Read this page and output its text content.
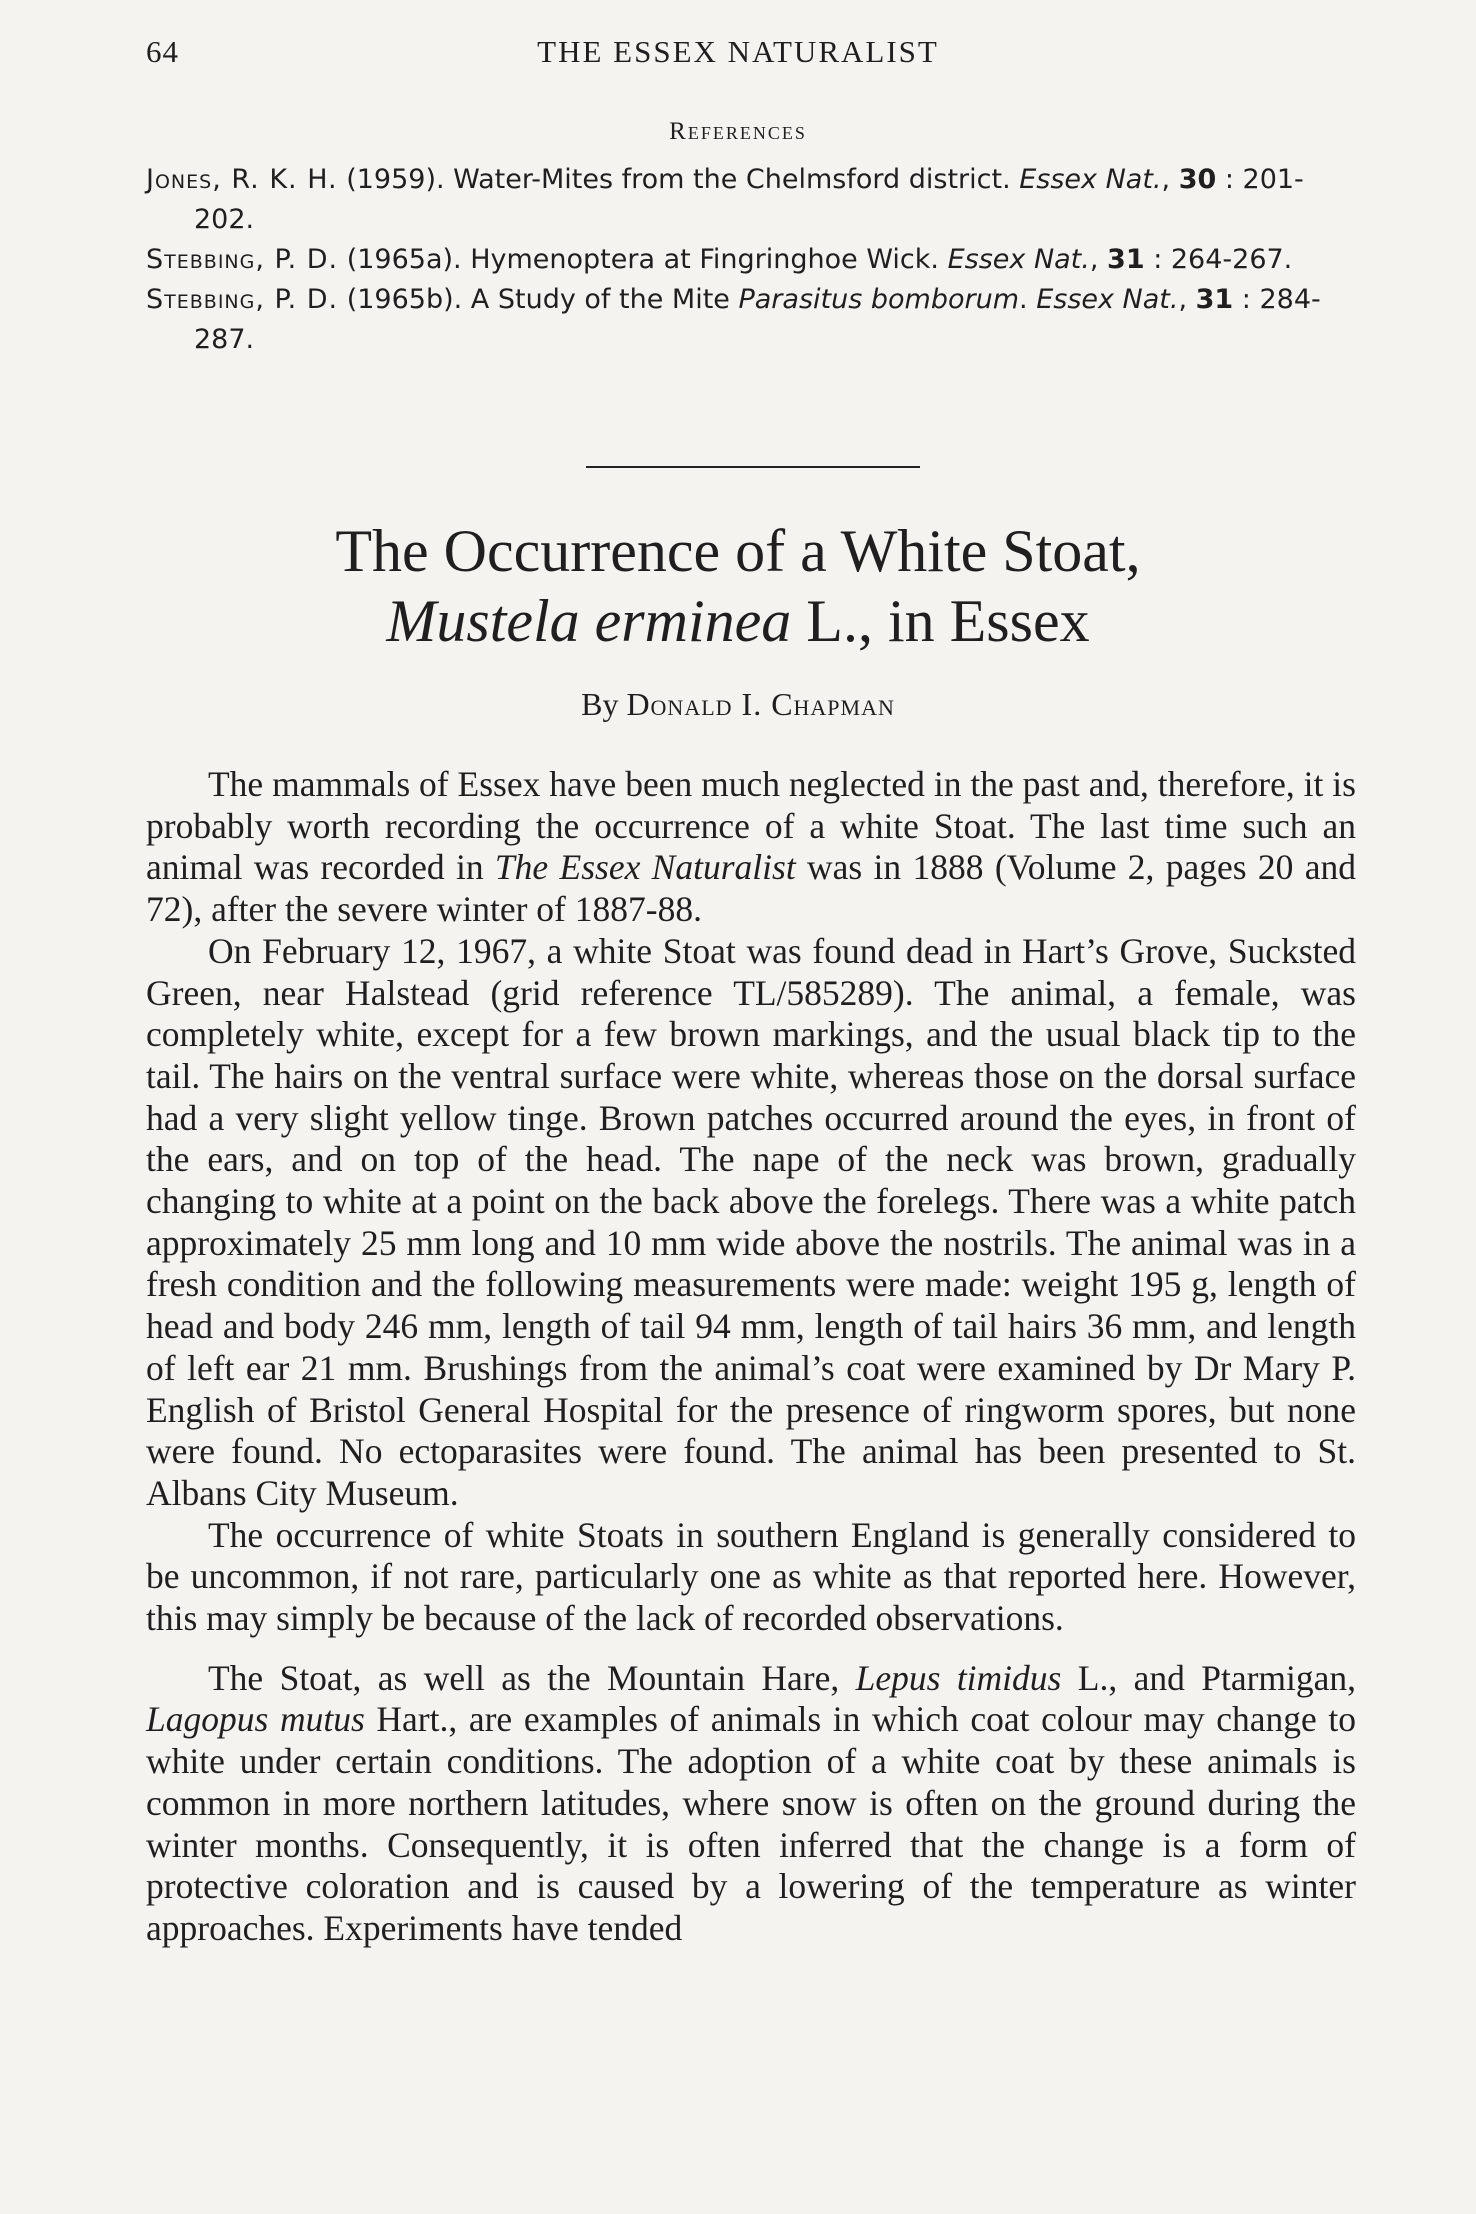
64	THE ESSEX NATURALIST
References

Jones, R. K. H. (1959). Water-Mites from the Chelmsford district. Essex Nat., 30 : 201-202.

Stebbing, P. D. (1965a). Hymenoptera at Fingringhoe Wick. Essex Nat., 31 : 264-267.

Stebbing, P. D. (1965b). A Study of the Mite Parasitus bomborum. Essex Nat., 31 : 284-287.

The Occurrence of a White Stoat,
Mustela erminea L., in Essex
By Donald I. Chapman

The mammals of Essex have been much neglected in the past and, therefore, it is probably worth recording the occurrence of a white Stoat. The last time such an animal was recorded in The Essex Naturalist was in 1888 (Volume 2, pages 20 and 72), after the severe winter of 1887-88.

On February 12, 1967, a white Stoat was found dead in Hart’s Grove, Sucksted Green, near Halstead (grid reference TL/585289). The animal, a female, was completely white, except for a few brown markings, and the usual black tip to the tail. The hairs on the ventral surface were white, whereas those on the dorsal surface had a very slight yellow tinge. Brown patches occurred around the eyes, in front of the ears, and on top of the head. The nape of the neck was brown, gradually changing to white at a point on the back above the forelegs. There was a white patch approximately 25 mm long and 10 mm wide above the nostrils. The animal was in a fresh condition and the following measurements were made: weight 195 g, length of head and body 246 mm, length of tail 94 mm, length of tail hairs 36 mm, and length of left ear 21 mm. Brushings from the animal’s coat were examined by Dr Mary P. English of Bristol General Hospital for the presence of ringworm spores, but none were found. No ectoparasites were found. The animal has been presented to St. Albans City Museum.

The occurrence of white Stoats in southern England is generally considered to be uncommon, if not rare, particularly one as white as that reported here. However, this may simply be because of the lack of recorded observations.

The Stoat, as well as the Mountain Hare, Lepus timidus L., and Ptarmigan, Lagopus mutus Hart., are examples of animals in which coat colour may change to white under certain conditions. The adoption of a white coat by these animals is common in more northern latitudes, where snow is often on the ground during the winter months. Consequently, it is often inferred that the change is a form of protective coloration and is caused by a lowering of the temperature as winter approaches. Experiments have tended
